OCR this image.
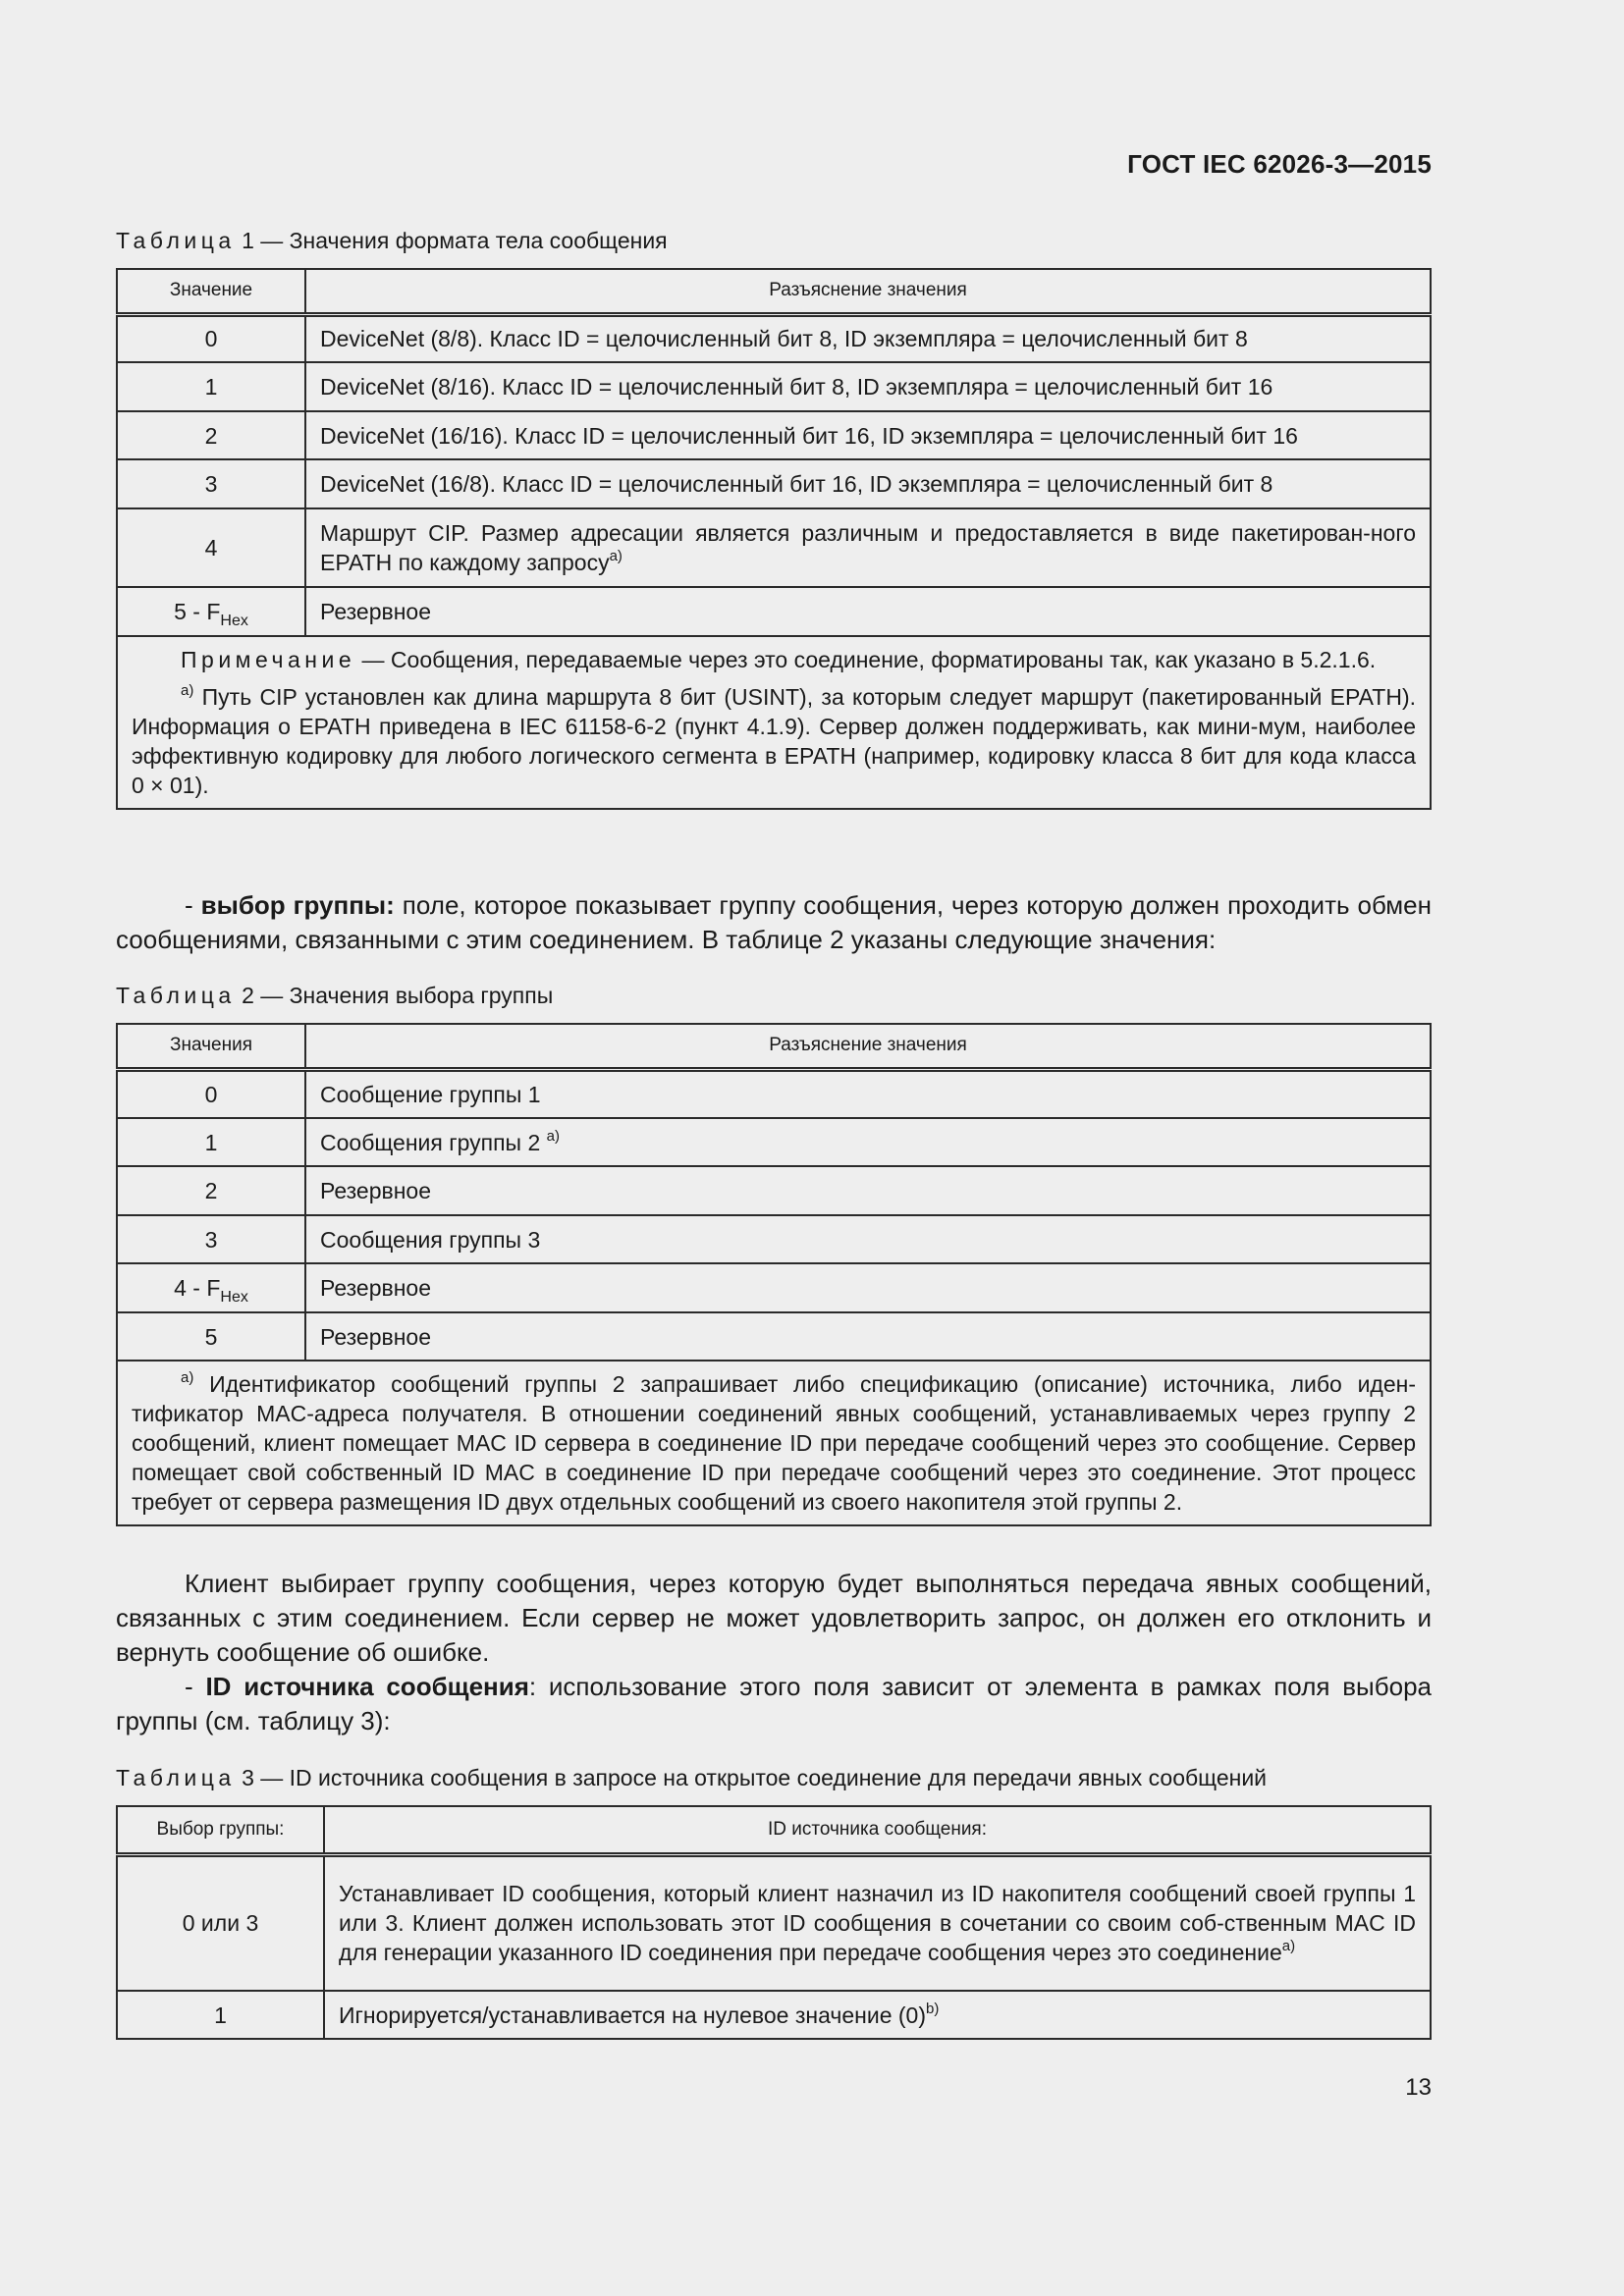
ГОСТ IEC 62026-3—2015
Таблица 1 — Значения формата тела сообщения
Значение	Разъяснение значения
0	DeviceNet (8/8). Класс ID = целочисленный бит 8, ID экземпляра = целочисленный бит 8
1	DeviceNet (8/16). Класс ID = целочисленный бит 8, ID экземпляра = целочисленный бит 16
2	DeviceNet (16/16). Класс ID = целочисленный бит 16, ID экземпляра = целочисленный бит 16
3	DeviceNet (16/8). Класс ID = целочисленный бит 16, ID экземпляра = целочисленный бит 8
4	Маршрут CIP. Размер адресации является различным и предоставляется в виде пакетирован-ного EPATH по каждому запросу$^{a)}$
$5 - F_{Hex}$	Резервное

Примечание — Сообщения, передаваемые через это соединение, форматированы так, как указано в 5.2.1.6.

$^{a)}$ Путь CIP установлен как длина маршрута 8 бит (USINT), за которым следует маршрут (пакетированный EPATH). Информация о EPATH приведена в IEC 61158-6-2 (пункт 4.1.9). Сервер должен поддерживать, как мини-мум, наиболее эффективную кодировку для любого логического сегмента в EPATH (например, кодировку класса 8 бит для кода класса 0 × 01).	

- выбор группы: поле, которое показывает группу сообщения, через которую должен проходить обмен сообщениями, связанными с этим соединением. В таблице 2 указаны следующие значения:

Таблица 2 — Значения выбора группы
Значения	Разъяснение значения
0	Сообщение группы 1
1	Сообщения группы 2 $^{a)}$
2	Резервное
3	Сообщения группы 3
$4 - F_{Hex}$	Резервное
5	Резервное

$^{a)}$ Идентификатор сообщений группы 2 запрашивает либо спецификацию (описание) источника, либо иден-тификатор MAC-адреса получателя. В отношении соединений явных сообщений, устанавливаемых через группу 2 сообщений, клиент помещает MAC ID сервера в соединение ID при передаче сообщений через это сообщение. Сервер помещает свой собственный ID MAC в соединение ID при передаче сообщений через это соединение. Этот процесс требует от сервера размещения ID двух отдельных сообщений из своего накопителя этой группы 2.	

Клиент выбирает группу сообщения, через которую будет выполняться передача явных сообщений, связанных с этим соединением. Если сервер не может удовлетворить запрос, он должен его отклонить и вернуть сообщение об ошибке.

- ID источника сообщения: использование этого поля зависит от элемента в рамках поля выбора группы (см. таблицу 3):

Таблица 3 — ID источника сообщения в запросе на открытое соединение для передачи явных сообщений
Выбор группы:	ID источника сообщения:
0 или 3	Устанавливает ID сообщения, который клиент назначил из ID накопителя сообщений своей группы 1 или 3. Клиент должен использовать этот ID сообщения в сочетании со своим соб-ственным MAC ID для генерации указанного ID соединения при передаче сообщения через это соединение$^{a)}$
1	Игнорируется/устанавливается на нулевое значение $(0)^{b)}$
13
